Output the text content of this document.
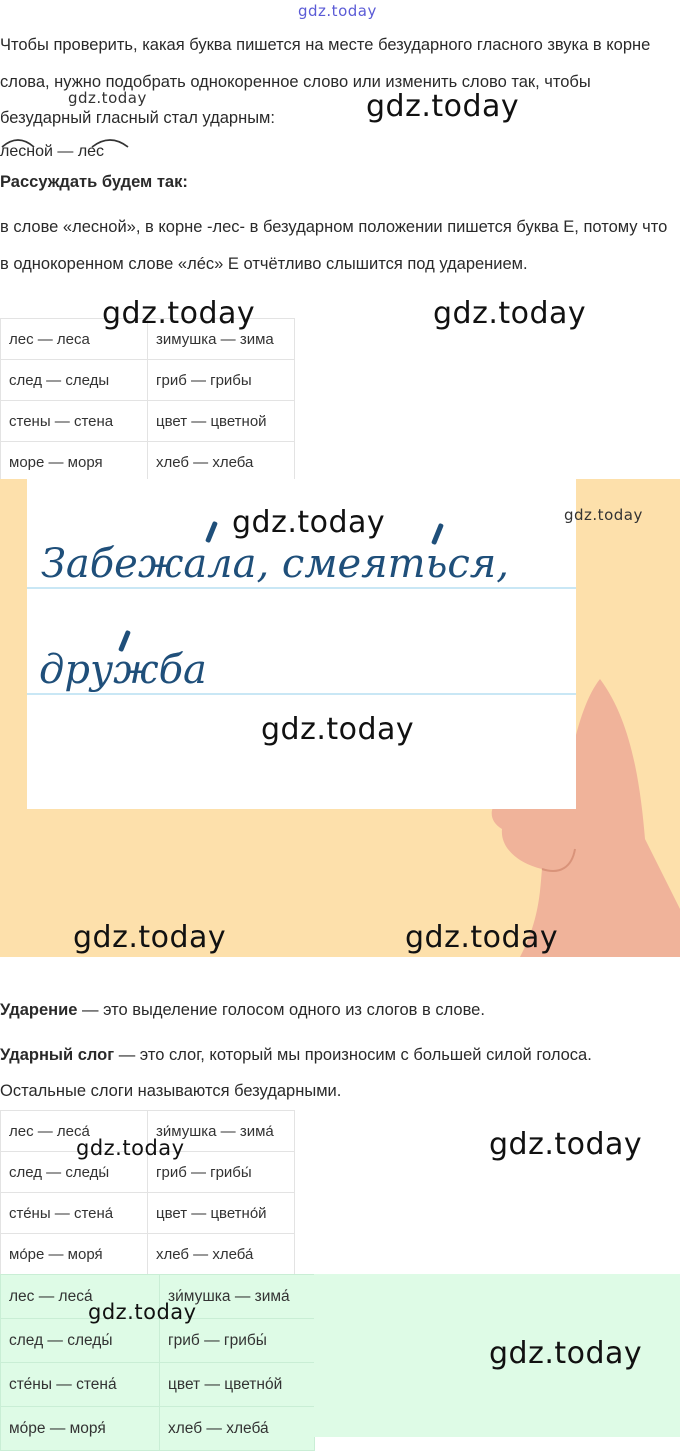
gdz.today
Чтобы проверить, какая буква пишется на месте безударного гласного звука в корне слова, нужно подобрать однокоренное слово или изменить слово так, чтобы безударный гласный стал ударным:
лесной — лес
Рассуждать будем так:
в слове «лесной», в корне -лес- в безударном положении пишется буква Е, потому что в однокоренном слове «лéс» Е отчётливо слышится под ударением.
лес — леса	зимушка — зима
след — следы	гриб — грибы
стены — стена	цвет — цветной
море — моря	хлеб — хлеба
Забежала, смеяться,
дружба
Ударение — это выделение голосом одного из слогов в слове.
Ударный слог — это слог, который мы произносим с большей силой голоса.
Остальные слоги называются безударными.
лес — леса́	зи́мушка — зима́
след — следы́	гриб — грибы́
сте́ны — стена́	цвет — цветно́й
мо́ре — моря́	хлеб — хлеба́
лес — леса́	зи́мушка — зима́
след — следы́	гриб — грибы́
сте́ны — стена́	цвет — цветно́й
мо́ре — моря́	хлеб — хлеба́
gdz.today	gdz.today
gdz.today	gdz.today
gdz.today	gdz.today
gdz.today
gdz.today	gdz.today
gdz.today	gdz.today
gdz.today
gdz.today
